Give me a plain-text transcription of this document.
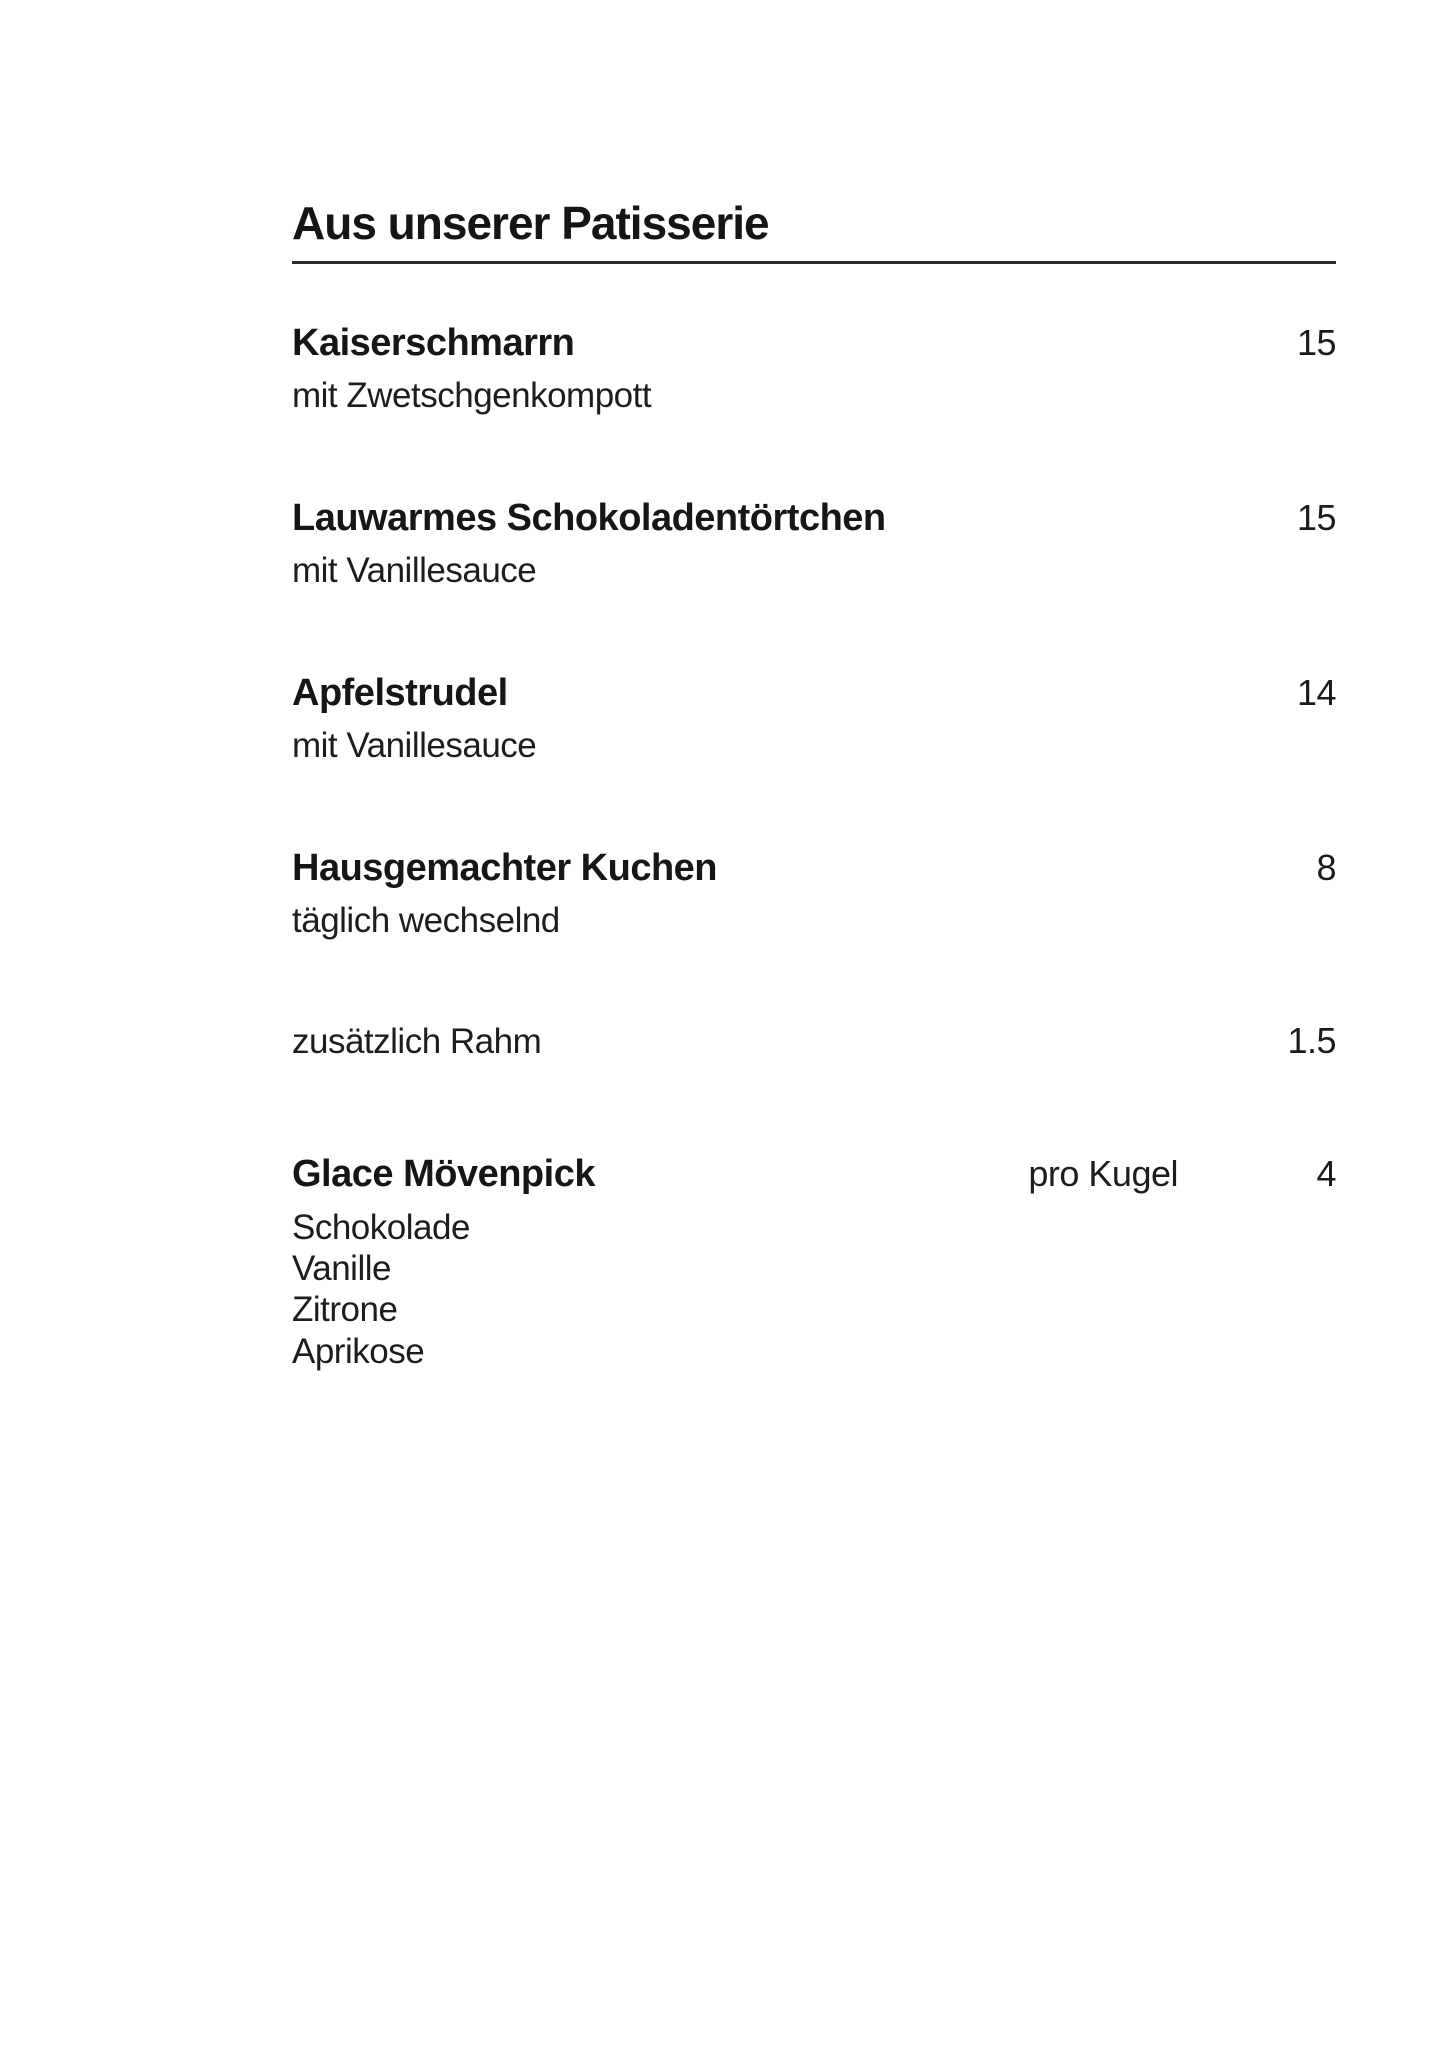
Aus unserer Patisserie
Kaiserschmarrn	15
mit Zwetschgenkompott
Lauwarmes Schokoladentörtchen	15
mit Vanillesauce
Apfelstrudel	14
mit Vanillesauce
Hausgemachter Kuchen	8
täglich wechselnd
zusätzlich Rahm	1.5
Glace Mövenpick	pro Kugel	4
Schokolade
Vanille
Zitrone
Aprikose
